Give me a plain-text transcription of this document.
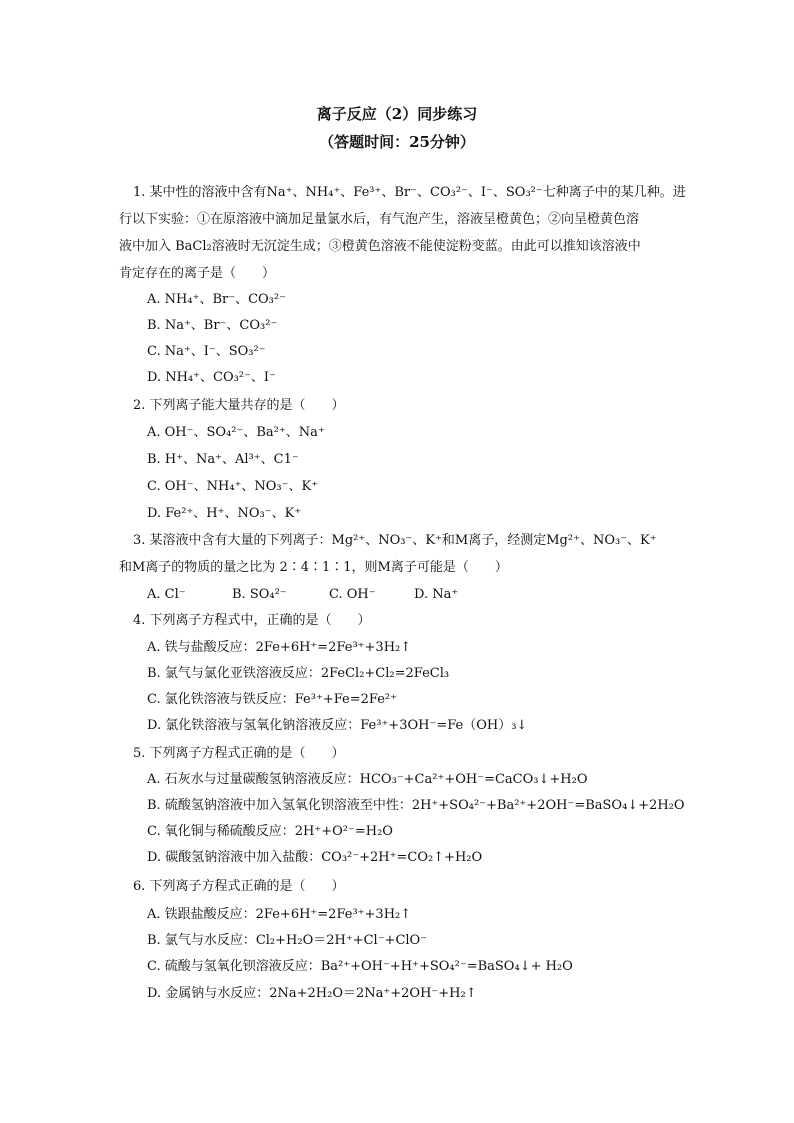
离子反应（2）同步练习
（答题时间：25分钟）
1. 某中性的溶液中含有Na⁺、NH₄⁺、Fe³⁺、Br⁻、CO₃²⁻、I⁻、SO₃²⁻七种离子中的某几种。进
行以下实验：①在原溶液中滴加足量氯水后，有气泡产生，溶液呈橙黄色；②向呈橙黄色溶
液中加入 BaCl₂溶液时无沉淀生成；③橙黄色溶液不能使淀粉变蓝。由此可以推知该溶液中
肯定存在的离子是（　　）
A. NH₄⁺、Br⁻、CO₃²⁻
B. Na⁺、Br⁻、CO₃²⁻
C. Na⁺、I⁻、SO₃²⁻
D. NH₄⁺、CO₃²⁻、I⁻
2. 下列离子能大量共存的是（　　）
A. OH⁻、SO₄²⁻、Ba²⁺、Na⁺
B. H⁺、Na⁺、Al³⁺、C1⁻
C. OH⁻、NH₄⁺、NO₃⁻、K⁺
D. Fe²⁺、H⁺、NO₃⁻、K⁺
3. 某溶液中含有大量的下列离子：Mg²⁺、NO₃⁻、K⁺和M离子，经测定Mg²⁺、NO₃⁻、K⁺
和M离子的物质的量之比为 2∶4∶1∶1，则M离子可能是（　　）
A. Cl⁻	B. SO₄²⁻	C. OH⁻	D. Na⁺
4. 下列离子方程式中，正确的是（　　）
A. 铁与盐酸反应：2Fe+6H⁺=2Fe³⁺+3H₂↑
B. 氯气与氯化亚铁溶液反应：2FeCl₂+Cl₂=2FeCl₃
C. 氯化铁溶液与铁反应：Fe³⁺+Fe=2Fe²⁺
D. 氯化铁溶液与氢氧化钠溶液反应：Fe³⁺+3OH⁻=Fe（OH）₃↓
5. 下列离子方程式正确的是（　　）
A. 石灰水与过量碳酸氢钠溶液反应：HCO₃⁻+Ca²⁺+OH⁻=CaCO₃↓+H₂O
B. 硫酸氢钠溶液中加入氢氧化钡溶液至中性：2H⁺+SO₄²⁻+Ba²⁺+2OH⁻=BaSO₄↓+2H₂O
C. 氧化铜与稀硫酸反应：2H⁺+O²⁻=H₂O
D. 碳酸氢钠溶液中加入盐酸：CO₃²⁻+2H⁺=CO₂↑+H₂O
6. 下列离子方程式正确的是（　　）
A. 铁跟盐酸反应：2Fe+6H⁺=2Fe³⁺+3H₂↑
B. 氯气与水反应：Cl₂+H₂O＝2H⁺+Cl⁻+ClO⁻
C. 硫酸与氢氧化钡溶液反应：Ba²⁺+OH⁻+H⁺+SO₄²⁻=BaSO₄↓+ H₂O
D. 金属钠与水反应：2Na+2H₂O＝2Na⁺+2OH⁻+H₂↑
